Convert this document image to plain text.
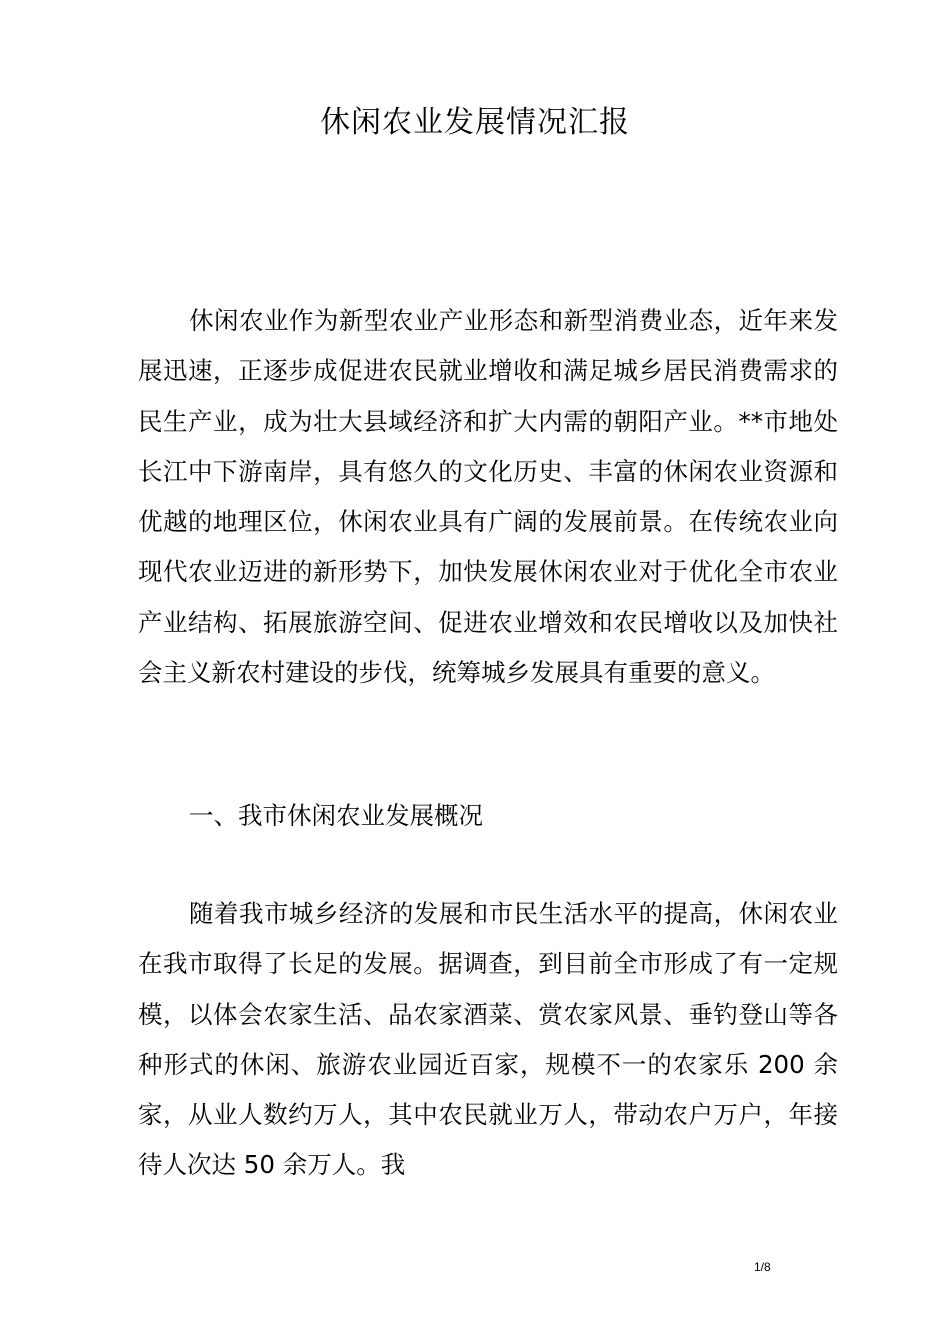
休闲农业发展情况汇报

休闲农业作为新型农业产业形态和新型消费业态，近年来发展迅速，正逐步成促进农民就业增收和满足城乡居民消费需求的民生产业，成为壮大县域经济和扩大内需的朝阳产业。**市地处长江中下游南岸，具有悠久的文化历史、丰富的休闲农业资源和优越的地理区位，休闲农业具有广阔的发展前景。在传统农业向现代农业迈进的新形势下，加快发展休闲农业对于优化全市农业产业结构、拓展旅游空间、促进农业增效和农民增收以及加快社会主义新农村建设的步伐，统筹城乡发展具有重要的意义。

一、我市休闲农业发展概况

随着我市城乡经济的发展和市民生活水平的提高，休闲农业在我市取得了长足的发展。据调查，到目前全市形成了有一定规模，以体会农家生活、品农家酒菜、赏农家风景、垂钓登山等各种形式的休闲、旅游农业园近百家，规模不一的农家乐 200 余家，从业人数约万人，其中农民就业万人，带动农户万户，年接待人次达 50 余万人。我

1/8
